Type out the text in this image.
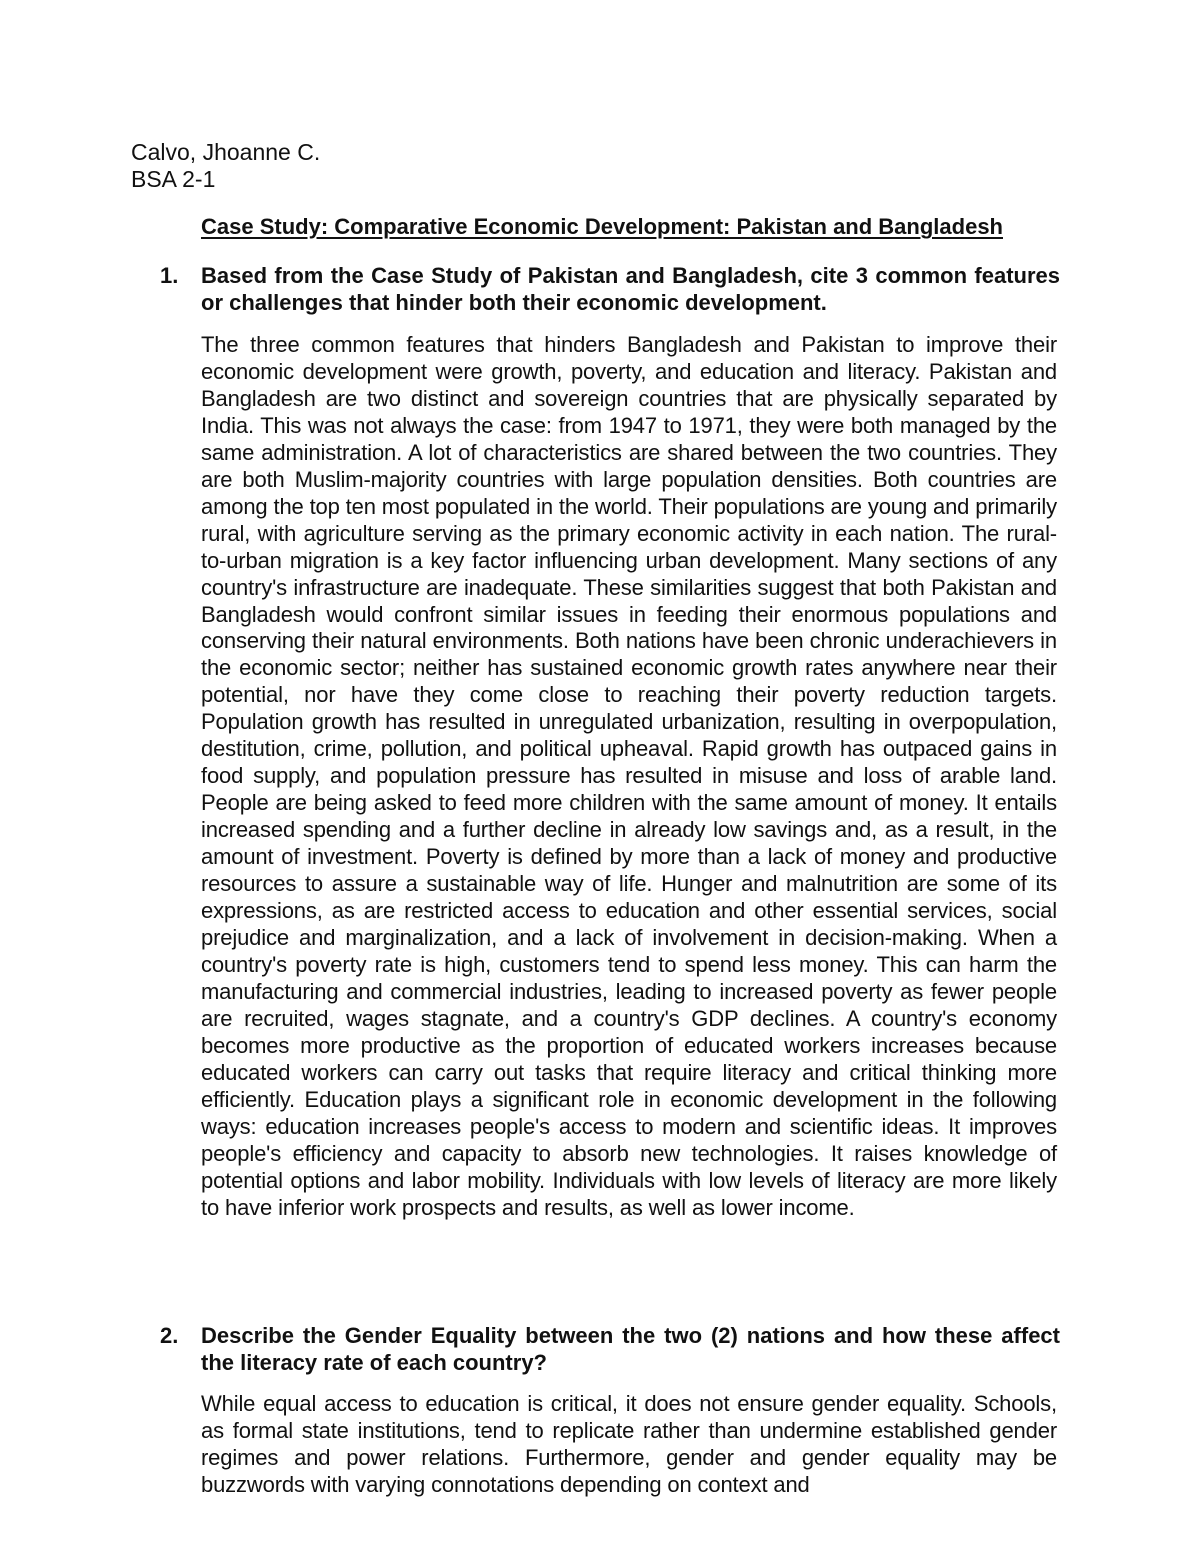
Calvo, Jhoanne C.
BSA 2-1
Case Study: Comparative Economic Development: Pakistan and Bangladesh
1.	Based from the Case Study of Pakistan and Bangladesh, cite 3 common features or challenges that hinder both their economic development.
The three common features that hinders Bangladesh and Pakistan to improve their economic development were growth, poverty, and education and literacy. Pakistan and Bangladesh are two distinct and sovereign countries that are physically separated by India. This was not always the case: from 1947 to 1971, they were both managed by the same administration. A lot of characteristics are shared between the two countries. They are both Muslim-majority countries with large population densities. Both countries are among the top ten most populated in the world. Their populations are young and primarily rural, with agriculture serving as the primary economic activity in each nation. The rural-to-urban migration is a key factor influencing urban development. Many sections of any country's infrastructure are inadequate. These similarities suggest that both Pakistan and Bangladesh would confront similar issues in feeding their enormous populations and conserving their natural environments. Both nations have been chronic underachievers in the economic sector; neither has sustained economic growth rates anywhere near their potential, nor have they come close to reaching their poverty reduction targets. Population growth has resulted in unregulated urbanization, resulting in overpopulation, destitution, crime, pollution, and political upheaval. Rapid growth has outpaced gains in food supply, and population pressure has resulted in misuse and loss of arable land. People are being asked to feed more children with the same amount of money. It entails increased spending and a further decline in already low savings and, as a result, in the amount of investment. Poverty is defined by more than a lack of money and productive resources to assure a sustainable way of life. Hunger and malnutrition are some of its expressions, as are restricted access to education and other essential services, social prejudice and marginalization, and a lack of involvement in decision-making. When a country's poverty rate is high, customers tend to spend less money. This can harm the manufacturing and commercial industries, leading to increased poverty as fewer people are recruited, wages stagnate, and a country's GDP declines. A country's economy becomes more productive as the proportion of educated workers increases because educated workers can carry out tasks that require literacy and critical thinking more efficiently. Education plays a significant role in economic development in the following ways: education increases people's access to modern and scientific ideas. It improves people's efficiency and capacity to absorb new technologies. It raises knowledge of potential options and labor mobility. Individuals with low levels of literacy are more likely to have inferior work prospects and results, as well as lower income.
2.	Describe the Gender Equality between the two (2) nations and how these affect the literacy rate of each country?
While equal access to education is critical, it does not ensure gender equality. Schools, as formal state institutions, tend to replicate rather than undermine established gender regimes and power relations. Furthermore, gender and gender equality may be buzzwords with varying connotations depending on context and
